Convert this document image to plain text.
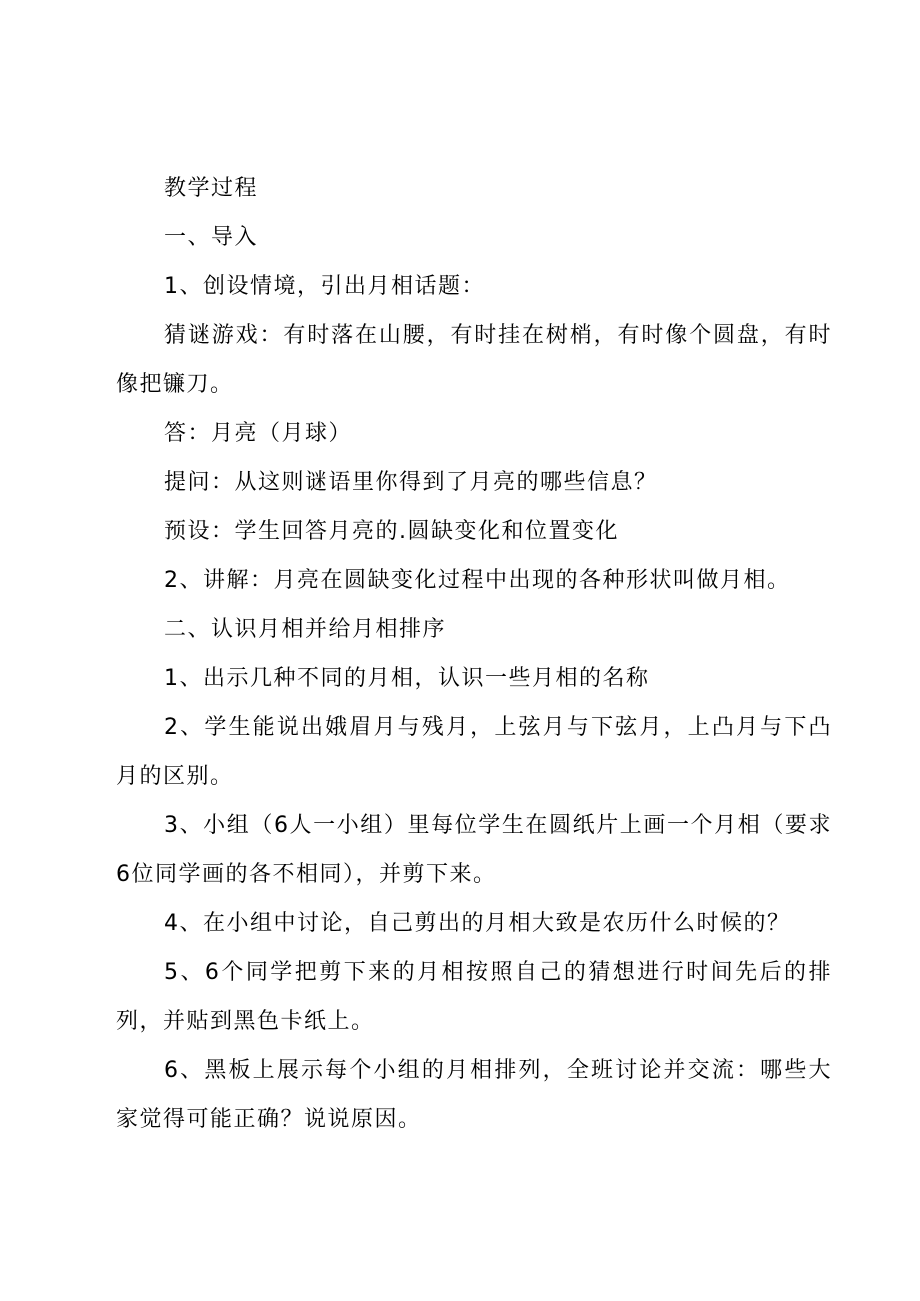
教学过程

一、导入

1、创设情境，引出月相话题：

猜谜游戏：有时落在山腰，有时挂在树梢，有时像个圆盘，有时像把镰刀。

答：月亮（月球）

提问：从这则谜语里你得到了月亮的哪些信息？

预设：学生回答月亮的.圆缺变化和位置变化

2、讲解：月亮在圆缺变化过程中出现的各种形状叫做月相。

二、认识月相并给月相排序

1、出示几种不同的月相，认识一些月相的名称

2、学生能说出娥眉月与残月，上弦月与下弦月，上凸月与下凸月的区别。

3、小组（6人一小组）里每位学生在圆纸片上画一个月相（要求6位同学画的各不相同），并剪下来。

4、在小组中讨论，自己剪出的月相大致是农历什么时候的？

5、6个同学把剪下来的月相按照自己的猜想进行时间先后的排列，并贴到黑色卡纸上。

6、黑板上展示每个小组的月相排列，全班讨论并交流：哪些大家觉得可能正确？说说原因。
